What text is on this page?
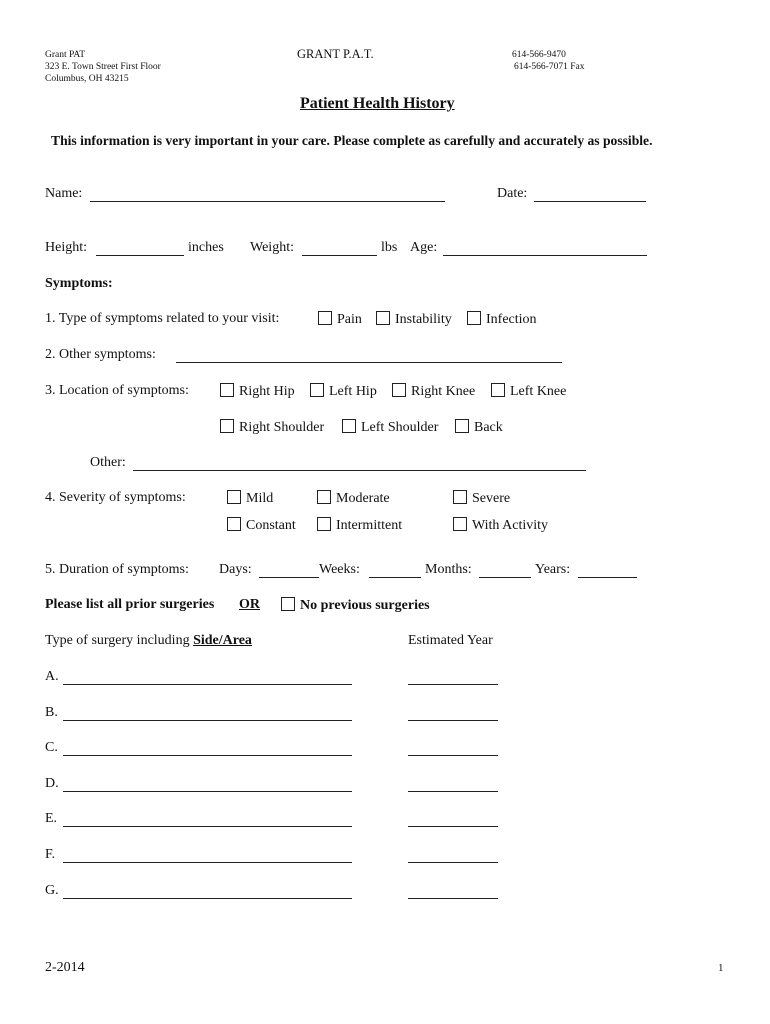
Grant PAT
323 E. Town Street First Floor
Columbus, OH 43215
GRANT P.A.T.	614-566-9470
614-566-7071 Fax
Patient Health History
This information is very important in your care. Please complete as carefully and accurately as possible.
Name:	Date:
Height:	inches Weight:	lbs Age:
Symptoms:
1. Type of symptoms related to your visit:	Pain	Instability	Infection
2. Other symptoms:
3. Location of symptoms:	Right Hip	Left Hip	Right Knee	Left Knee
Right Shoulder	Left Shoulder	Back
Other:
4. Severity of symptoms:	Mild	Moderate	Severe
Constant	Intermittent	With Activity
5. Duration of symptoms: Days:	Weeks:	Months:	Years:
Please list all prior surgeries OR	No previous surgeries
Type of surgery including Side/Area	Estimated Year
A.
B.
C.
D.
E.
F.
G.
2-2014	1
